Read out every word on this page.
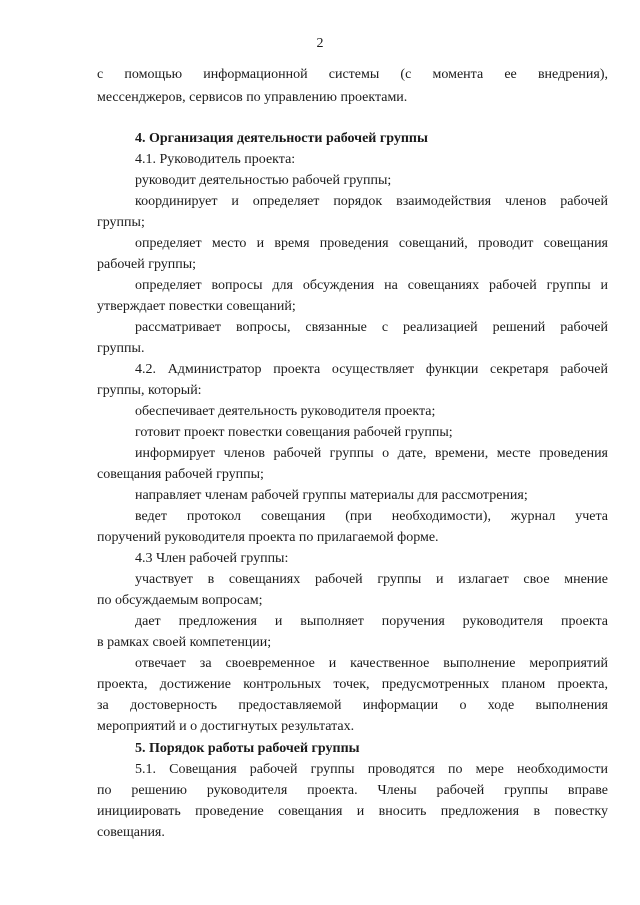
2
с помощью информационной системы (с момента ее внедрения),
мессенджеров, сервисов по управлению проектами.
4. Организация деятельности рабочей группы
4.1. Руководитель проекта:
руководит деятельностью рабочей группы;
координирует и определяет порядок взаимодействия членов рабочей
группы;
определяет место и время проведения совещаний, проводит совещания
рабочей группы;
определяет вопросы для обсуждения на совещаниях рабочей группы и
утверждает повестки совещаний;
рассматривает вопросы, связанные с реализацией решений рабочей
группы.
4.2. Администратор проекта осуществляет функции секретаря рабочей
группы, который:
обеспечивает деятельность руководителя проекта;
готовит проект повестки совещания рабочей группы;
информирует членов рабочей группы о дате, времени, месте проведения
совещания рабочей группы;
направляет членам рабочей группы материалы для рассмотрения;
ведет протокол совещания (при необходимости), журнал учета
поручений руководителя проекта по прилагаемой форме.
4.3 Член рабочей группы:
участвует в совещаниях рабочей группы и излагает свое мнение
по обсуждаемым вопросам;
дает предложения и выполняет поручения руководителя проекта
в рамках своей компетенции;
отвечает за своевременное и качественное выполнение мероприятий
проекта, достижение контрольных точек, предусмотренных планом проекта,
за достоверность предоставляемой информации о ходе выполнения
мероприятий и о достигнутых результатах.
5. Порядок работы рабочей группы
5.1. Совещания рабочей группы проводятся по мере необходимости
по решению руководителя проекта. Члены рабочей группы вправе
инициировать проведение совещания и вносить предложения в повестку
совещания.
